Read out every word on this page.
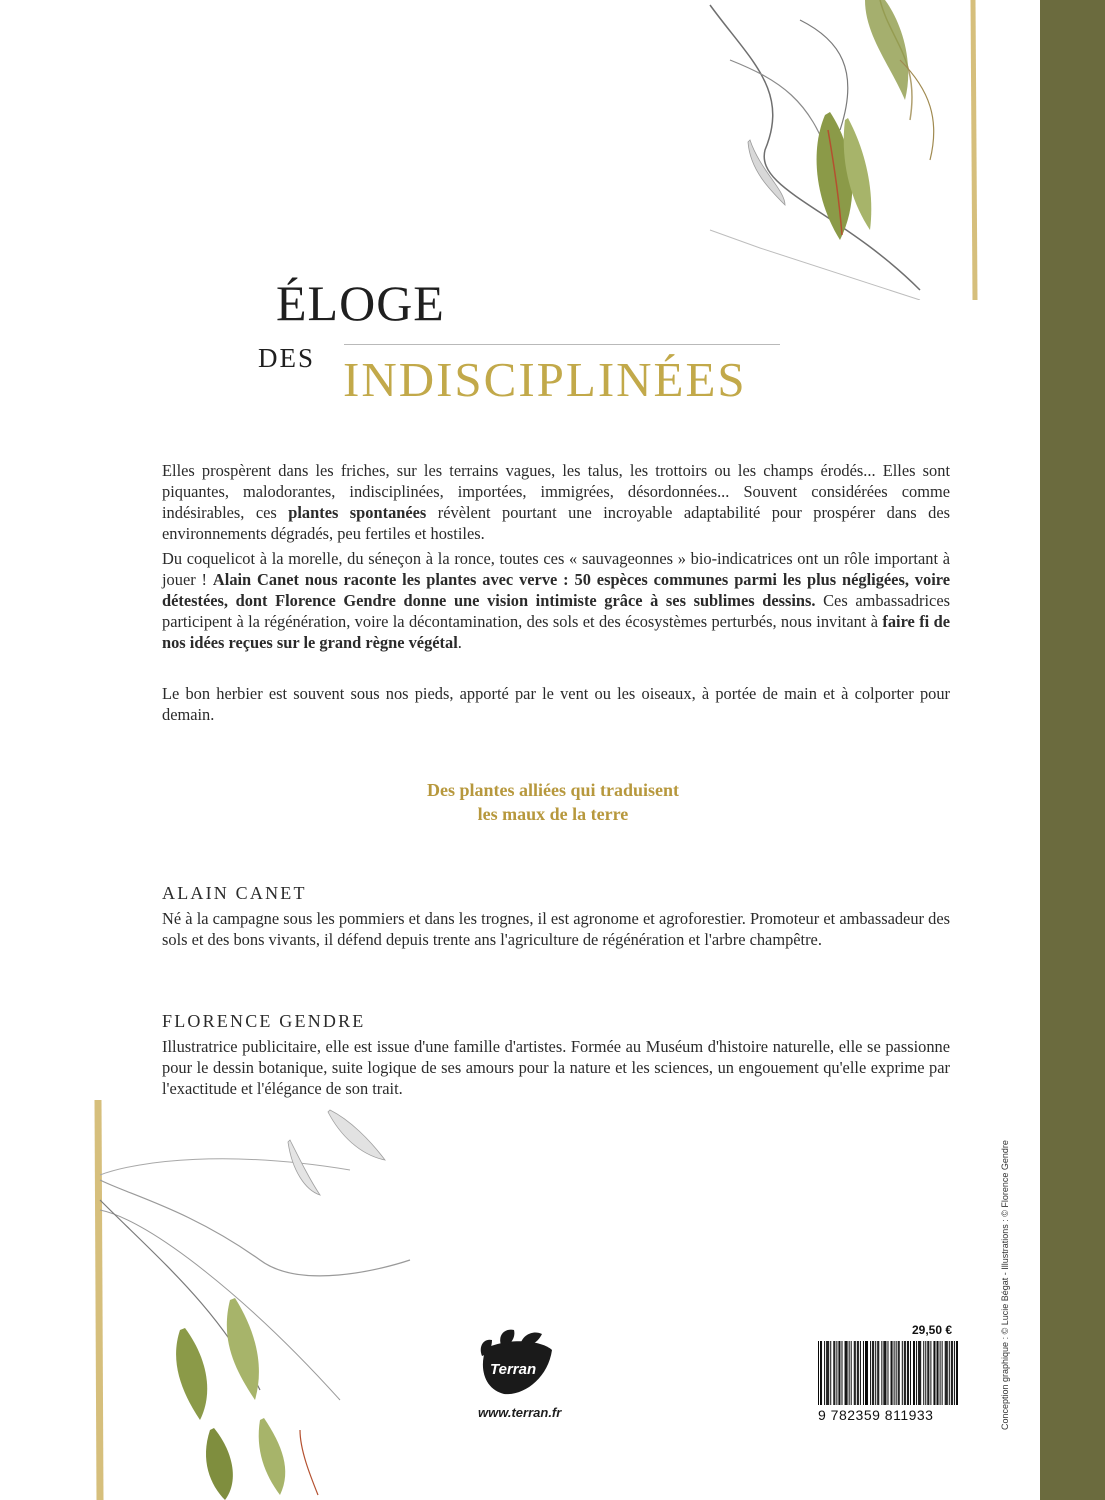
ÉLOGE
DES INDISCIPLINÉES

Elles prospèrent dans les friches, sur les terrains vagues, les talus, les trottoirs ou les champs érodés... Elles sont piquantes, malodorantes, indisciplinées, importées, immigrées, désordonnées... Souvent considérées comme indésirables, ces plantes spontanées révèlent pourtant une incroyable adaptabilité pour prospérer dans des environnements dégradés, peu fertiles et hostiles.

Du coquelicot à la morelle, du séneçon à la ronce, toutes ces « sauvageonnes » bio-indicatrices ont un rôle important à jouer ! Alain Canet nous raconte les plantes avec verve : 50 espèces communes parmi les plus négligées, voire détestées, dont Florence Gendre donne une vision intimiste grâce à ses sublimes dessins. Ces ambassadrices participent à la régénération, voire la décontamination, des sols et des écosystèmes perturbés, nous invitant à faire fi de nos idées reçues sur le grand règne végétal.

Le bon herbier est souvent sous nos pieds, apporté par le vent ou les oiseaux, à portée de main et à colporter pour demain.

Des plantes alliées qui traduisent
les maux de la terre
ALAIN CANET

Né à la campagne sous les pommiers et dans les trognes, il est agronome et agroforestier. Promoteur et ambassadeur des sols et des bons vivants, il défend depuis trente ans l'agriculture de régénération et l'arbre champêtre.

FLORENCE GENDRE

Illustratrice publicitaire, elle est issue d'une famille d'artistes. Formée au Muséum d'histoire naturelle, elle se passionne pour le dessin botanique, suite logique de ses amours pour la nature et les sciences, un engouement qu'elle exprime par l'exactitude et l'élégance de son trait.

Terran
www.terran.fr
29,50 €
9 782359 811933	Conception graphique : © Lucie Bégat - Illustrations : © Florence Gendre
